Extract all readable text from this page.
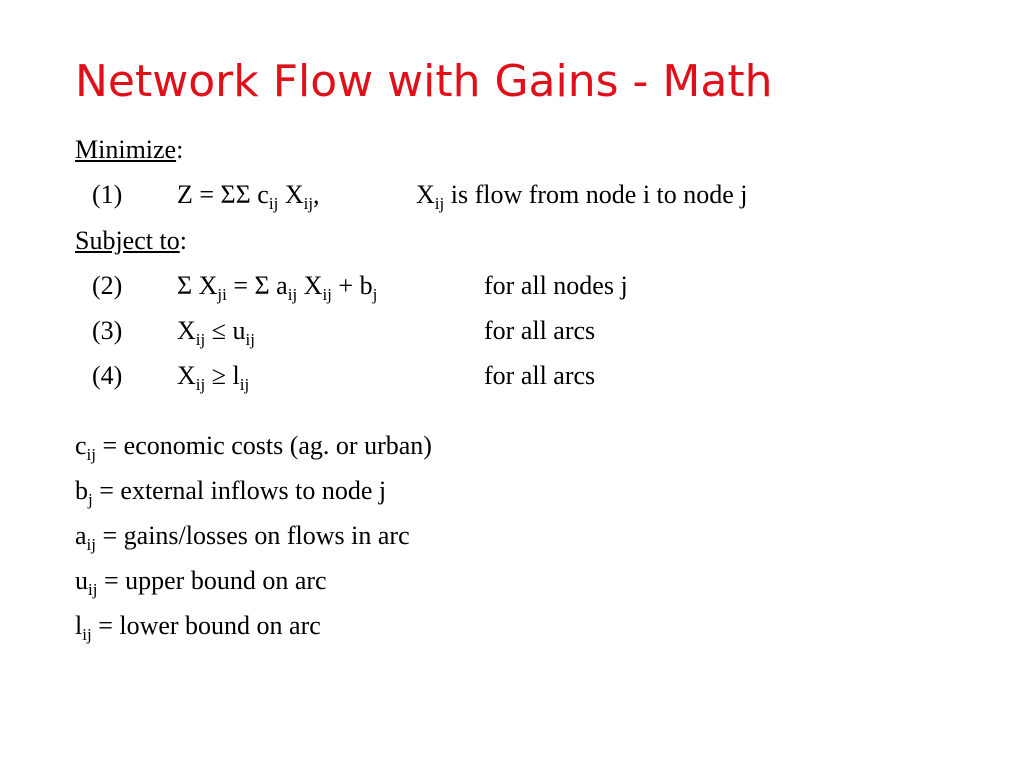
Network Flow with Gains - Math
Minimize:
(1) Z = ΣΣ $c_{ij}$ $X_{ij}$,	$X_{ij}$ is flow from node i to node j
Subject to:
(2) Σ $X_{ji} = \Sigma$ $a_{ij}$ $X_{ij} + b_j$	for all nodes j
(3) $X_{ij} \le u_{ij}$	for all arcs
(4) $X_{ij} \ge l_{ij}$	for all arcs
$c_{ij}$ = economic costs (ag. or urban)
$b_j$ = external inflows to node j
$a_{ij}$ = gains/losses on flows in arc
$u_{ij}$ = upper bound on arc
$l_{ij}$ = lower bound on arc
